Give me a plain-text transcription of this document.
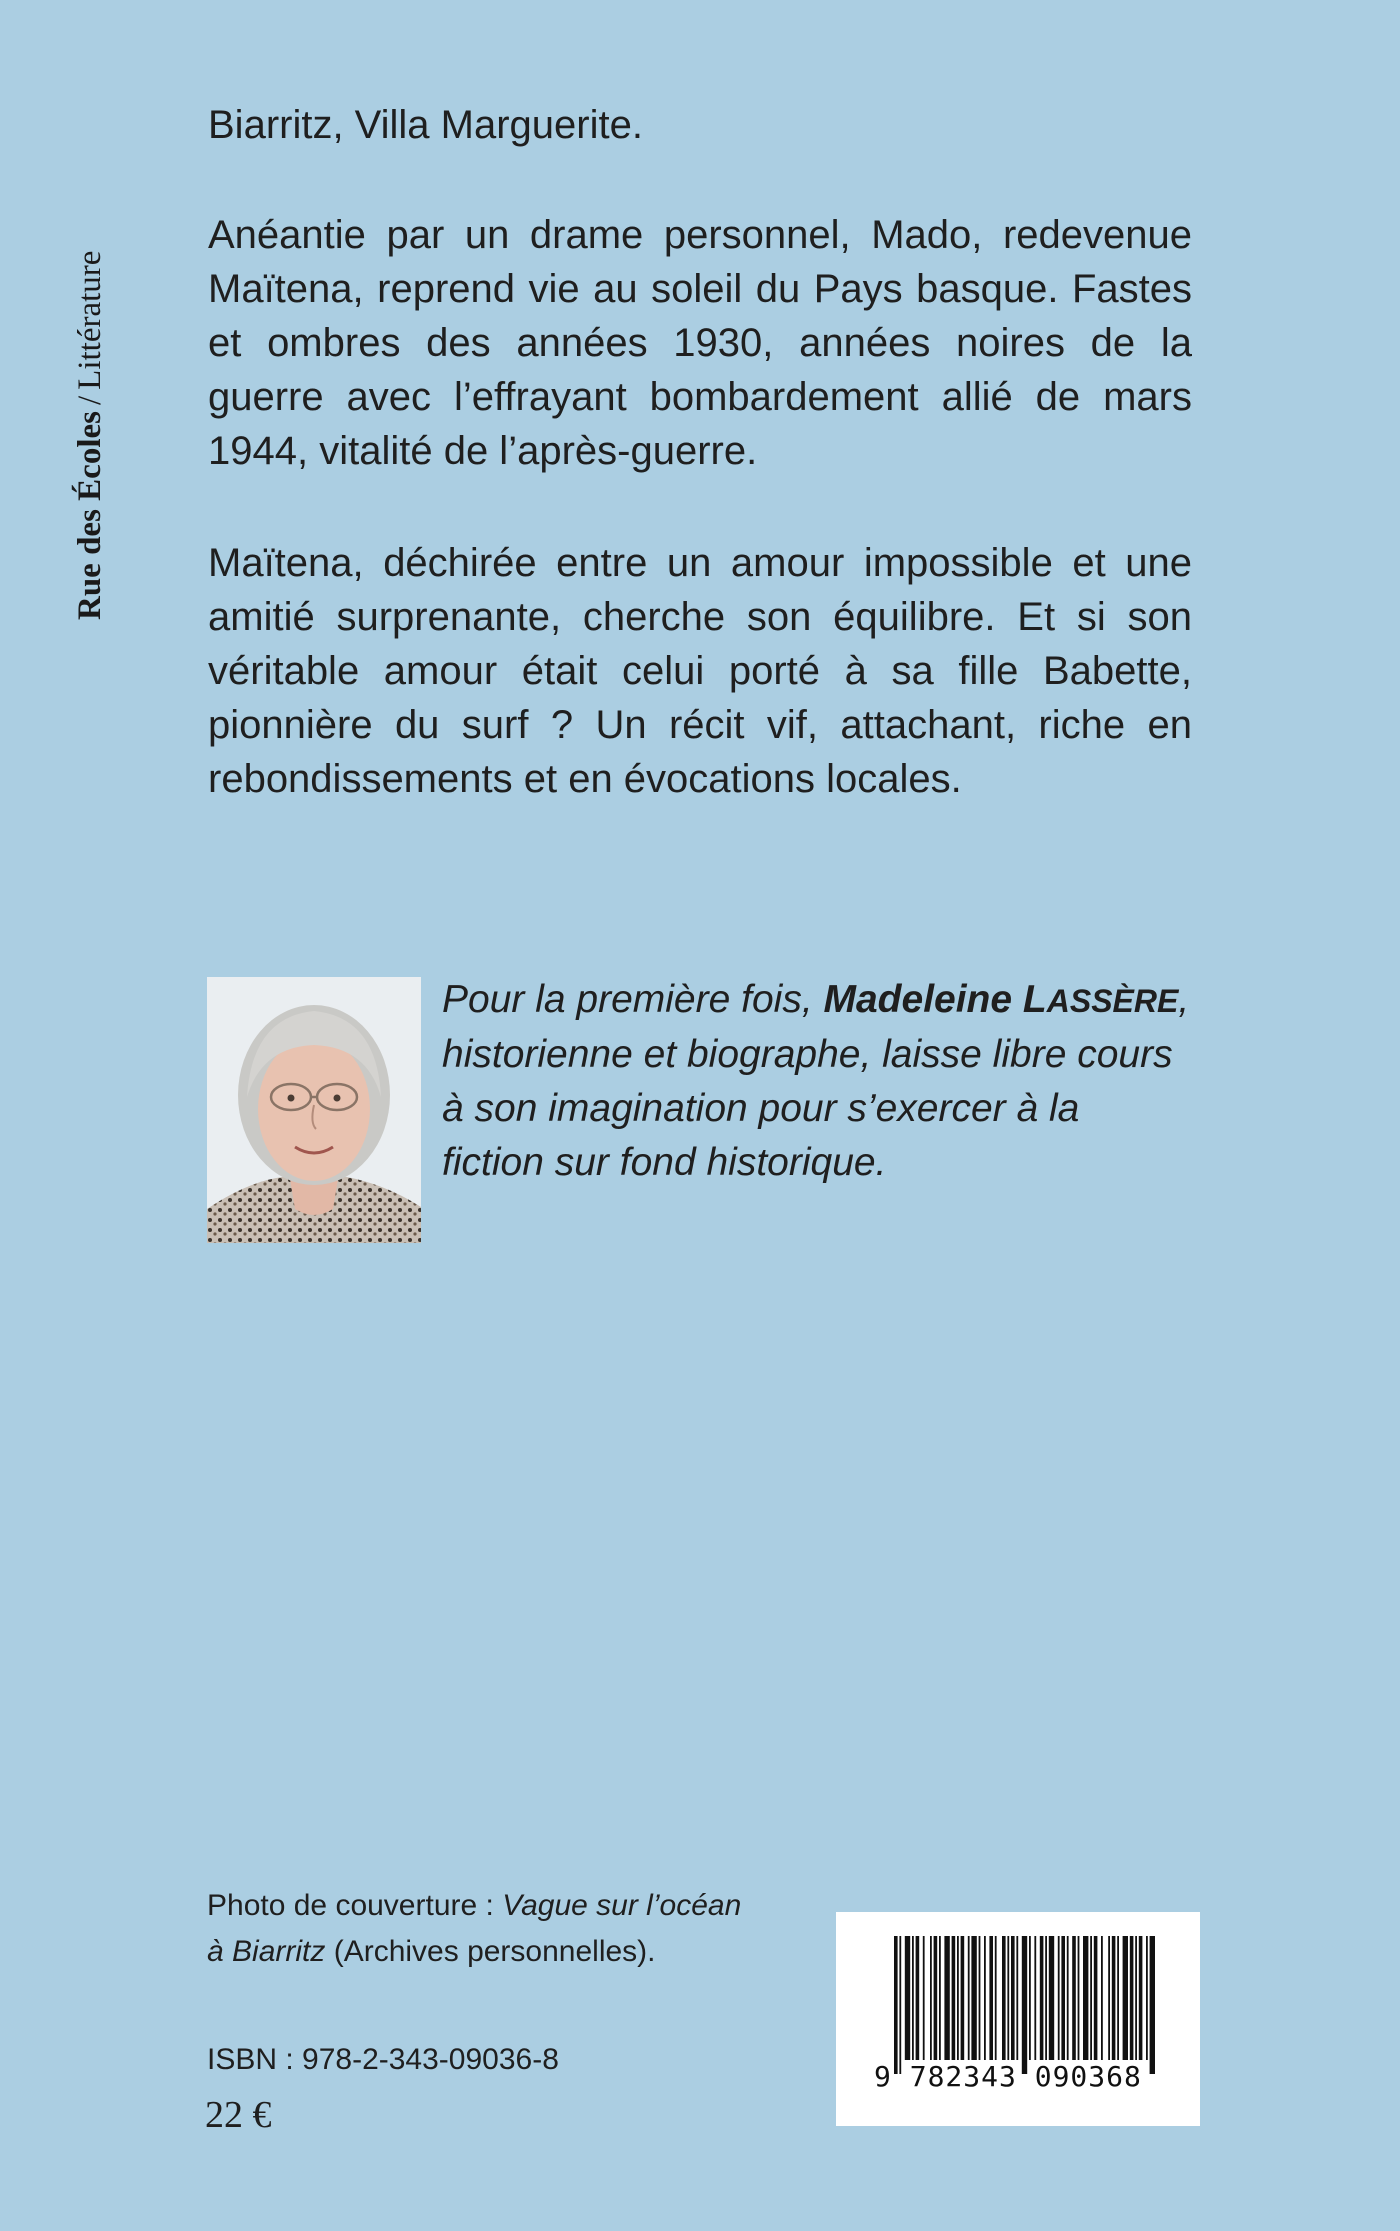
Rue des Écoles/Littérature

Biarritz, Villa Marguerite.

Anéantie par un drame personnel, Mado, redevenue Maïtena, reprend vie au soleil du Pays basque. Fastes et ombres des années 1930, années noires de la guerre avec l’effrayant bombardement allié de mars 1944, vitalité de l’après-guerre.

Maïtena, déchirée entre un amour impossible et une amitié surprenante, cherche son équilibre. Et si son véritable amour était celui porté à sa fille Babette, pionnière du surf ? Un récit vif, attachant, riche en rebondissements et en évocations locales.

Pour la première fois, Madeleine LASSÈRE, historienne et biographe, laisse libre cours à son imagination pour s’exercer à la fiction sur fond historique.

Photo de couverture : Vague sur l’océan
à Biarritz (Archives personnelles).

ISBN : 978-2-343-09036-8

22 €

9 782343 090368
